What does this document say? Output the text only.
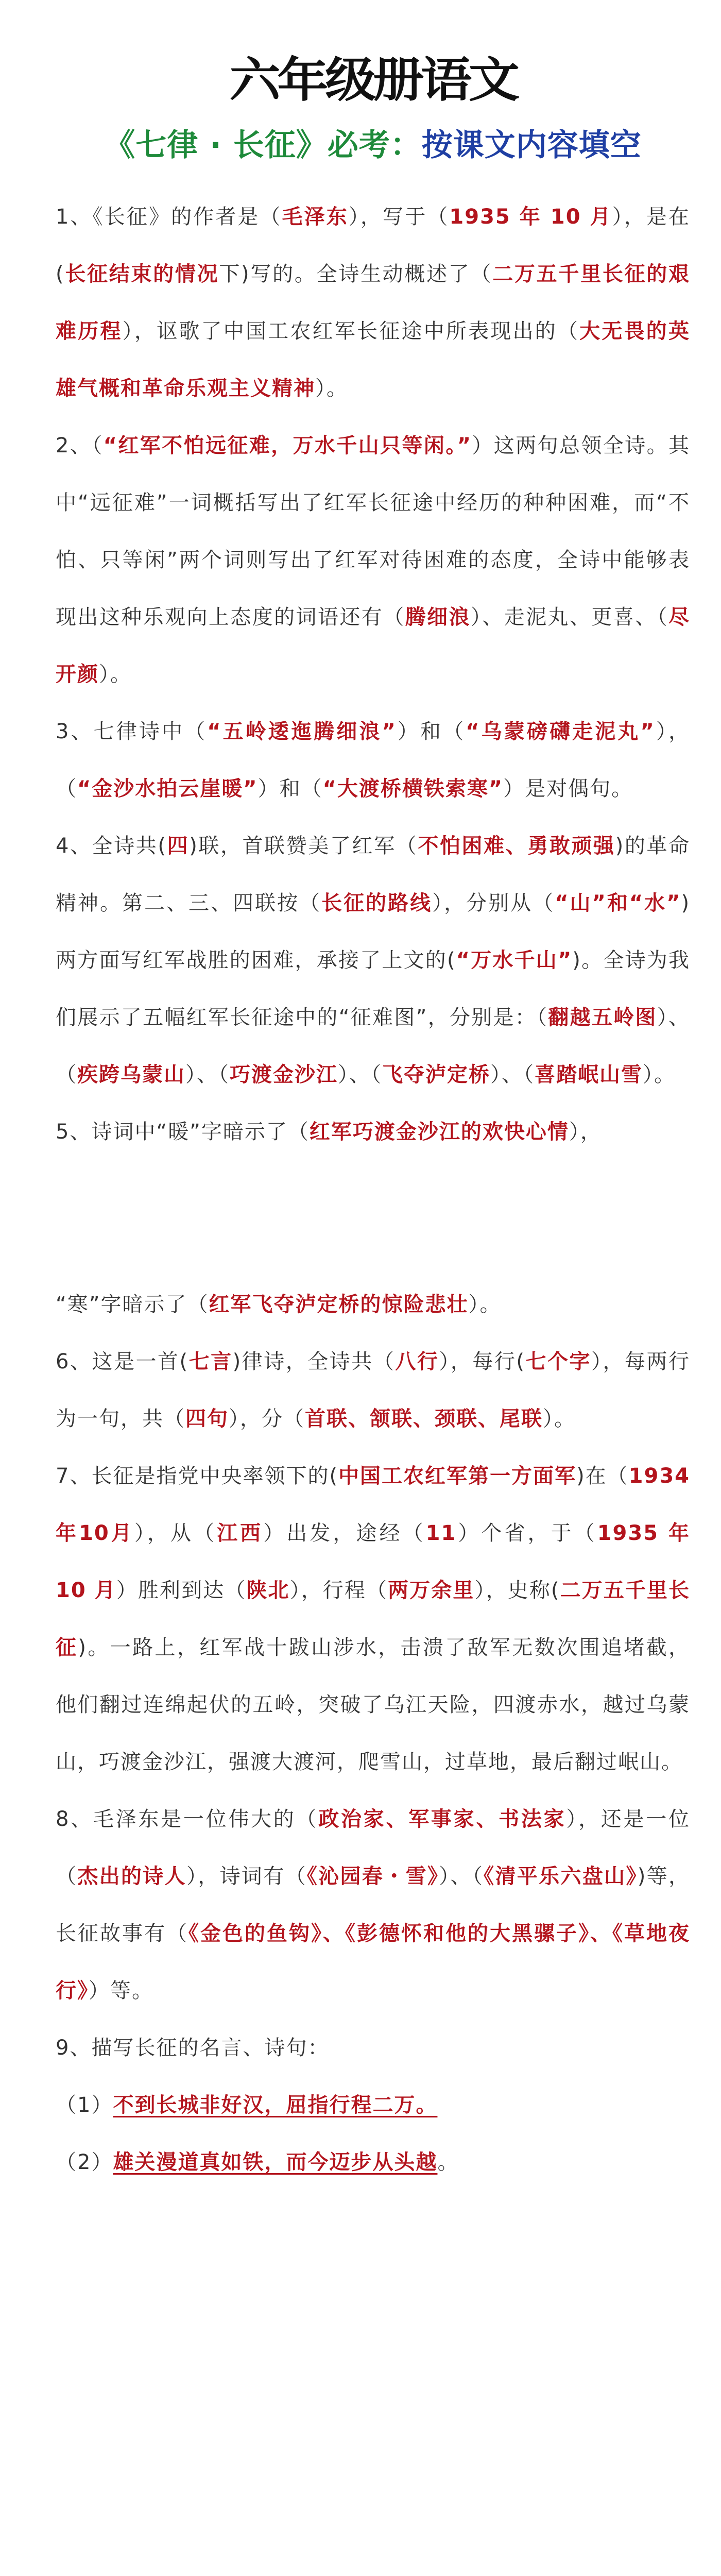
六年级册语文
《七律 · 长征》必考：按课文内容填空

1、《长征》的作者是（毛泽东），写于（1935 年 10 月），是在(长征结束的情况下)写的。全诗生动概述了（二万五千里长征的艰难历程），讴歌了中国工农红军长征途中所表现出的（大无畏的英雄气概和革命乐观主义精神）。

2、（“红军不怕远征难，万水千山只等闲。”）这两句总领全诗。其中“远征难”一词概括写出了红军长征途中经历的种种困难，而“不怕、只等闲”两个词则写出了红军对待困难的态度，全诗中能够表现出这种乐观向上态度的词语还有（腾细浪）、走泥丸、更喜、（尽开颜）。

3、七律诗中（“五岭逶迤腾细浪”）和（“乌蒙磅礴走泥丸”），（“金沙水拍云崖暖”）和（“大渡桥横铁索寒”）是对偶句。

4、全诗共(四)联，首联赞美了红军（不怕困难、勇敢顽强)的革命精神。第二、三、四联按（长征的路线），分别从（“山”和“水”)两方面写红军战胜的困难，承接了上文的(“万水千山”)。全诗为我们展示了五幅红军长征途中的“征难图”，分别是：（翻越五岭图）、（疾跨乌蒙山）、（巧渡金沙江）、（飞夺泸定桥）、（喜踏岷山雪）。

5、诗词中“暖”字暗示了（红军巧渡金沙江的欢快心情），

“寒”字暗示了（红军飞夺泸定桥的惊险悲壮）。

6、这是一首(七言)律诗，全诗共（八行），每行(七个字），每两行为一句，共（四句），分（首联、颔联、颈联、尾联）。

7、长征是指党中央率领下的(中国工农红军第一方面军)在（1934年10月），从（江西）出发，途经（11）个省，于（1935 年 10 月）胜利到达（陕北），行程（两万余里），史称(二万五千里长征)。一路上，红军战十跋山涉水，击溃了敌军无数次围追堵截，他们翻过连绵起伏的五岭，突破了乌江天险，四渡赤水，越过乌蒙山，巧渡金沙江，强渡大渡河，爬雪山，过草地，最后翻过岷山。

8、毛泽东是一位伟大的（政治家、军事家、书法家），还是一位（杰出的诗人），诗词有（《沁园春・雪》）、（《清平乐六盘山》)等，长征故事有（《金色的鱼钩》、《彭德怀和他的大黑骡子》、《草地夜行》）等。

9、描写长征的名言、诗句：

（1）不到长城非好汉，屈指行程二万。

（2）雄关漫道真如铁，而今迈步从头越。
